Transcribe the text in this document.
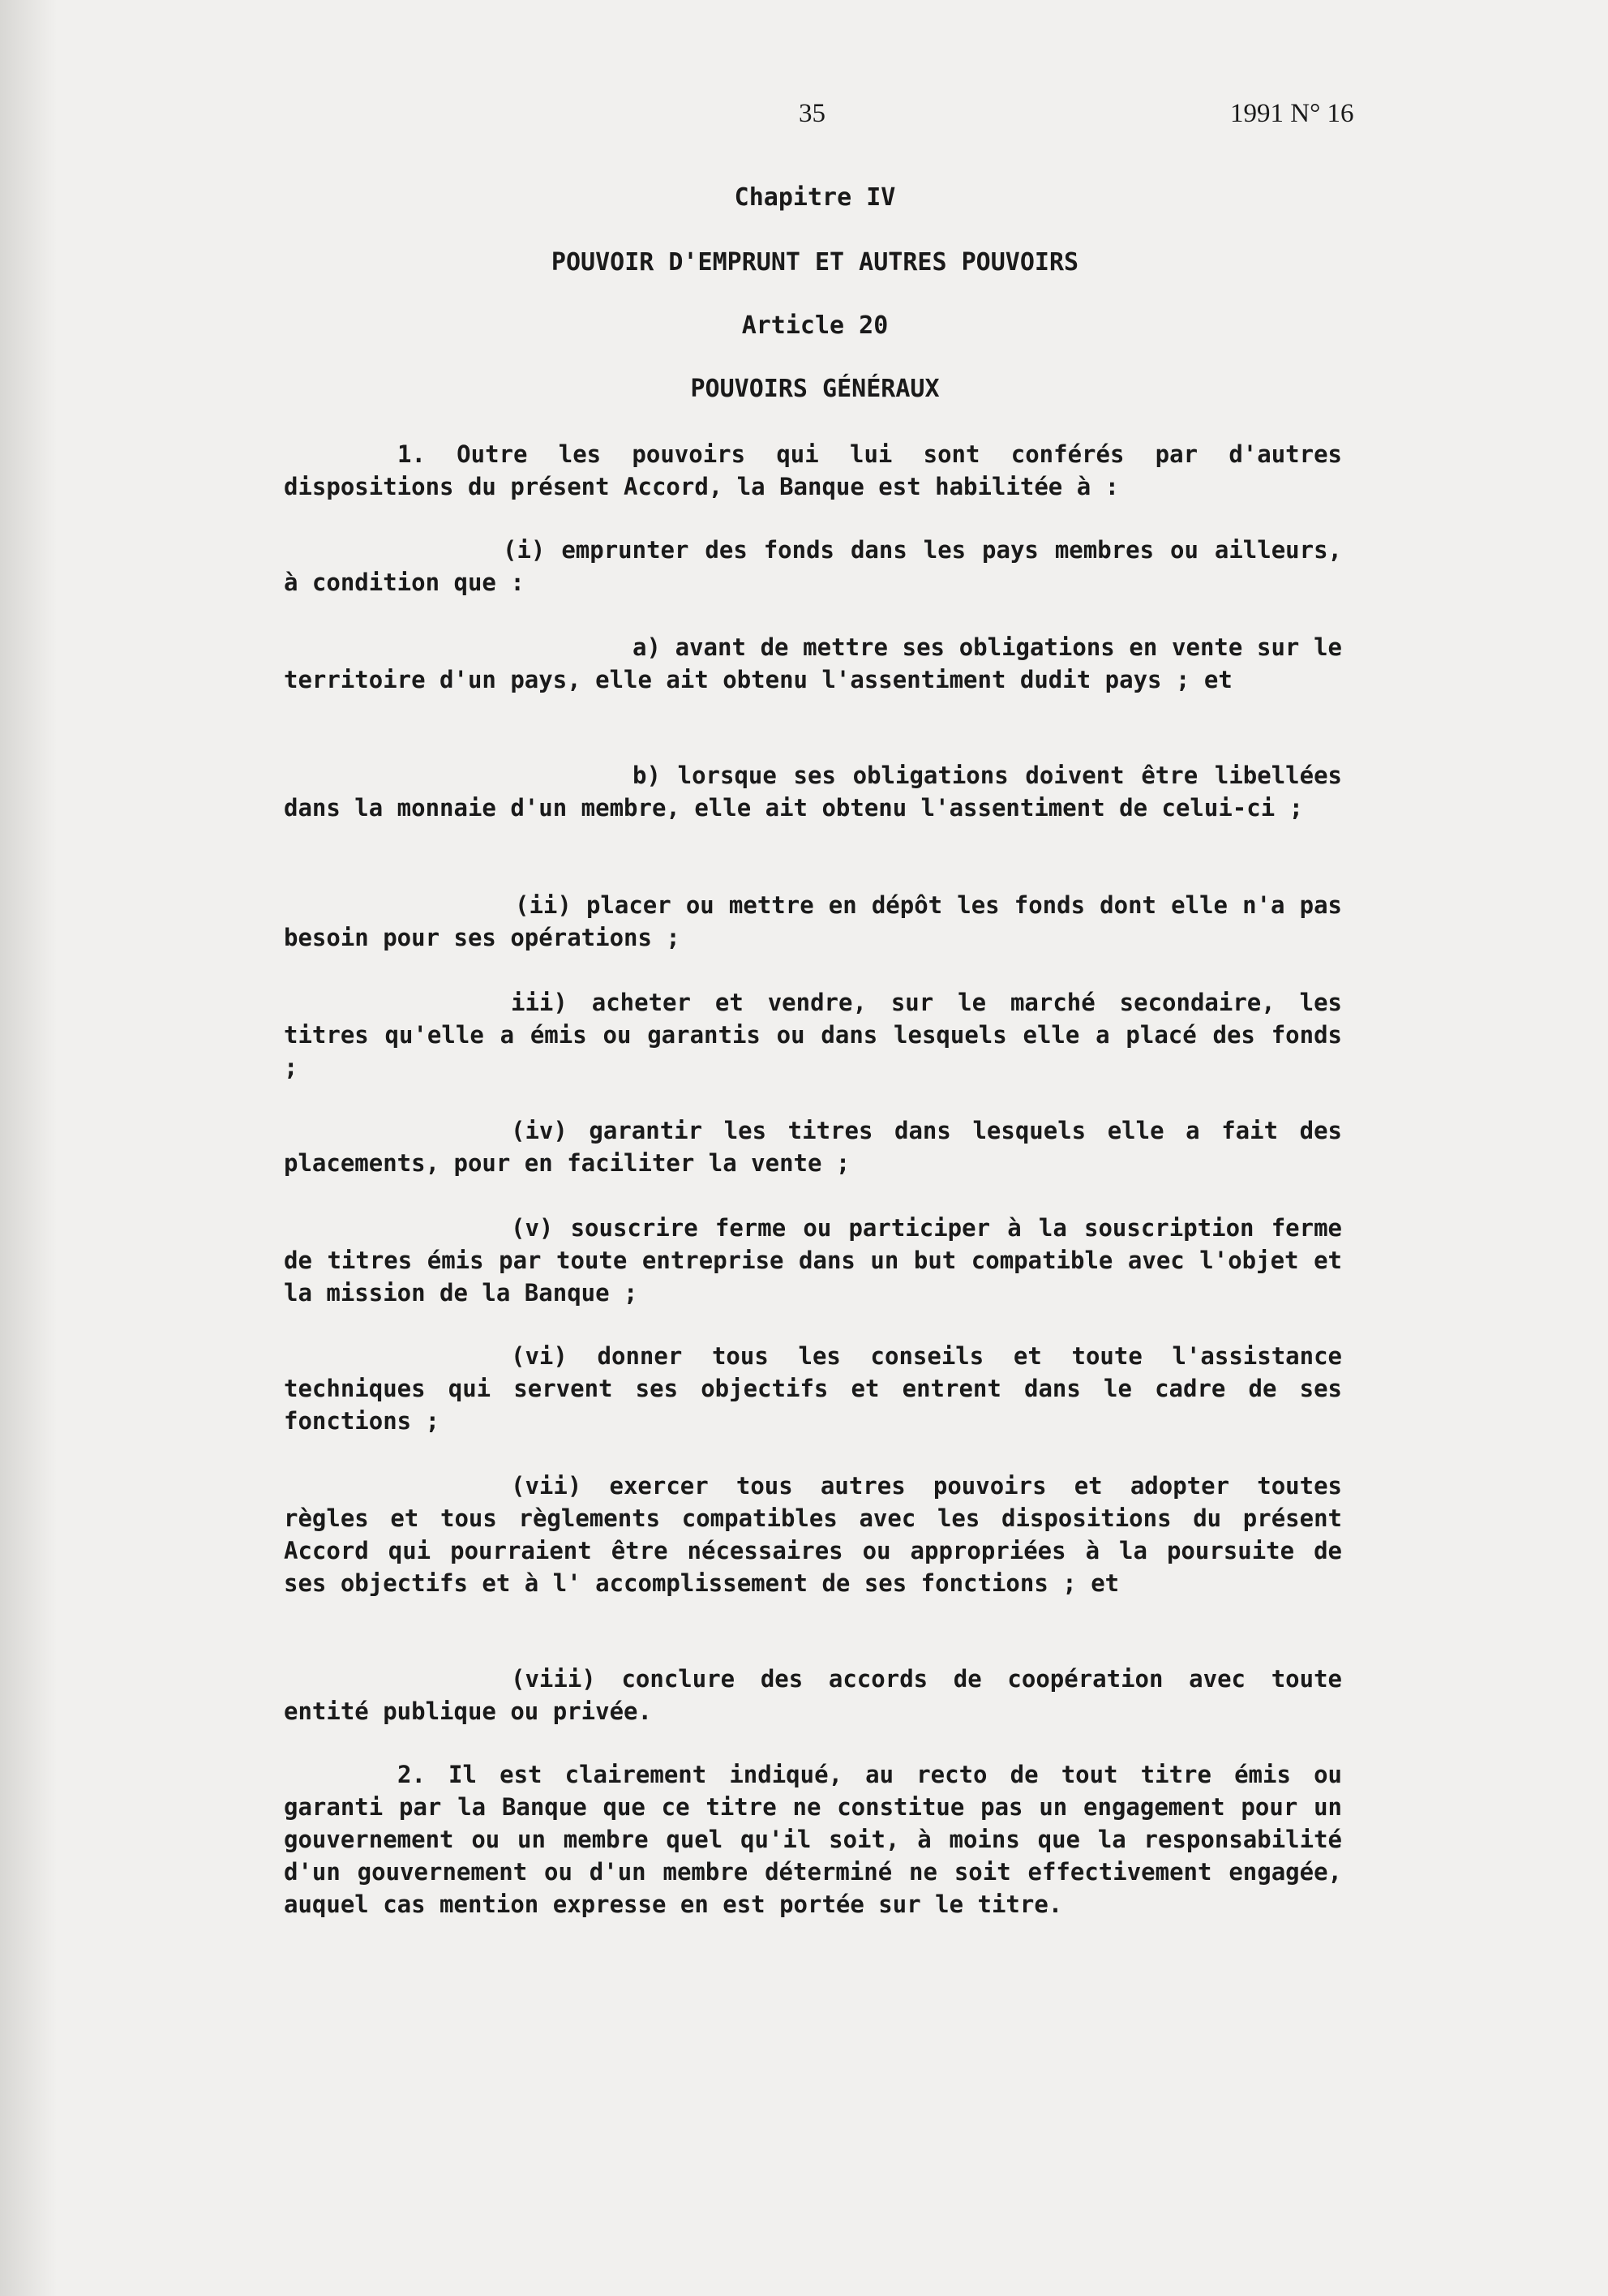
35	1991 N° 16
Chapitre IV
POUVOIR D'EMPRUNT ET AUTRES POUVOIRS
Article 20
POUVOIRS GÉNÉRAUX

1. Outre les pouvoirs qui lui sont conférés par d'autres dispositions du présent Accord, la Banque est habilitée à :

(i) emprunter des fonds dans les pays membres ou ailleurs, à condition que :

a) avant de mettre ses obligations en vente sur le territoire d'un pays, elle ait obtenu l'assentiment dudit pays ; et

b) lorsque ses obligations doivent être libellées dans la monnaie d'un membre, elle ait obtenu l'assentiment de celui-ci ;

(ii) placer ou mettre en dépôt les fonds dont elle n'a pas besoin pour ses opérations ;

iii) acheter et vendre, sur le marché secondaire, les titres qu'elle a émis ou garantis ou dans lesquels elle a placé des fonds ;

(iv) garantir les titres dans lesquels elle a fait des placements, pour en faciliter la vente ;

(v) souscrire ferme ou participer à la souscription ferme de titres émis par toute entreprise dans un but compatible avec l'objet et la mission de la Banque ;

(vi) donner tous les conseils et toute l'assistance techniques qui servent ses objectifs et entrent dans le cadre de ses fonctions ;

(vii) exercer tous autres pouvoirs et adopter toutes règles et tous règlements compatibles avec les dispositions du présent Accord qui pourraient être nécessaires ou appropriées à la poursuite de ses objectifs et à l' accomplissement de ses fonctions ; et

(viii) conclure des accords de coopération avec toute entité publique ou privée.

2. Il est clairement indiqué, au recto de tout titre émis ou garanti par la Banque que ce titre ne constitue pas un engagement pour un gouvernement ou un membre quel qu'il soit, à moins que la responsabilité d'un gouvernement ou d'un membre déterminé ne soit effectivement engagée, auquel cas mention expresse en est portée sur le titre.
